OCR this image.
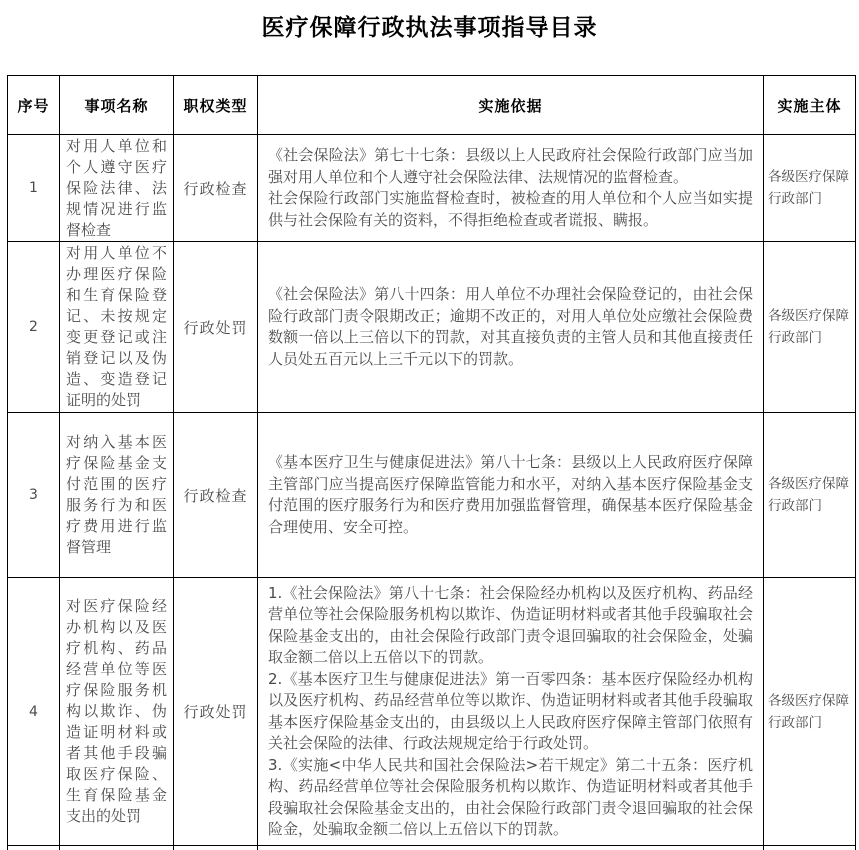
医疗保障行政执法事项指导目录
序号	事项名称	职权类型	实施依据	实施主体
1	对用人单位和个人遵守医疗保险法律、法规情况进行监督检查	行政检查	《社会保险法》第七十七条：县级以上人民政府社会保险行政部门应当加强对用人单位和个人遵守社会保险法律、法规情况的监督检查。

社会保险行政部门实施监督检查时，被检查的用人单位和个人应当如实提供与社会保险有关的资料，不得拒绝检查或者谎报、瞒报。	各级医疗保障行政部门
2	对用人单位不办理医疗保险和生育保险登记、未按规定变更登记或注销登记以及伪造、变造登记证明的处罚	行政处罚	《社会保险法》第八十四条：用人单位不办理社会保险登记的，由社会保险行政部门责令限期改正；逾期不改正的，对用人单位处应缴社会保险费数额一倍以上三倍以下的罚款，对其直接负责的主管人员和其他直接责任人员处五百元以上三千元以下的罚款。	各级医疗保障行政部门
3	对纳入基本医疗保险基金支付范围的医疗服务行为和医疗费用进行监督管理	行政检查	《基本医疗卫生与健康促进法》第八十七条：县级以上人民政府医疗保障主管部门应当提高医疗保障监管能力和水平，对纳入基本医疗保险基金支付范围的医疗服务行为和医疗费用加强监督管理，确保基本医疗保险基金合理使用、安全可控。	各级医疗保障行政部门
4	对医疗保险经办机构以及医疗机构、药品经营单位等医疗保险服务机构以欺诈、伪造证明材料或者其他手段骗取医疗保险、生育保险基金支出的处罚	行政处罚	1.《社会保险法》第八十七条：社会保险经办机构以及医疗机构、药品经营单位等社会保险服务机构以欺诈、伪造证明材料或者其他手段骗取社会保险基金支出的，由社会保险行政部门责令退回骗取的社会保险金，处骗取金额二倍以上五倍以下的罚款。

2.《基本医疗卫生与健康促进法》第一百零四条：基本医疗保险经办机构以及医疗机构、药品经营单位等以欺诈、伪造证明材料或者其他手段骗取基本医疗保险基金支出的，由县级以上人民政府医疗保障主管部门依照有关社会保险的法律、行政法规规定给于行政处罚。

3.《实施<中华人民共和国社会保险法>若干规定》第二十五条：医疗机构、药品经营单位等社会保险服务机构以欺诈、伪造证明材料或者其他手段骗取社会保险基金支出的，由社会保险行政部门责令退回骗取的社会保险金，处骗取金额二倍以上五倍以下的罚款。	各级医疗保障行政部门
